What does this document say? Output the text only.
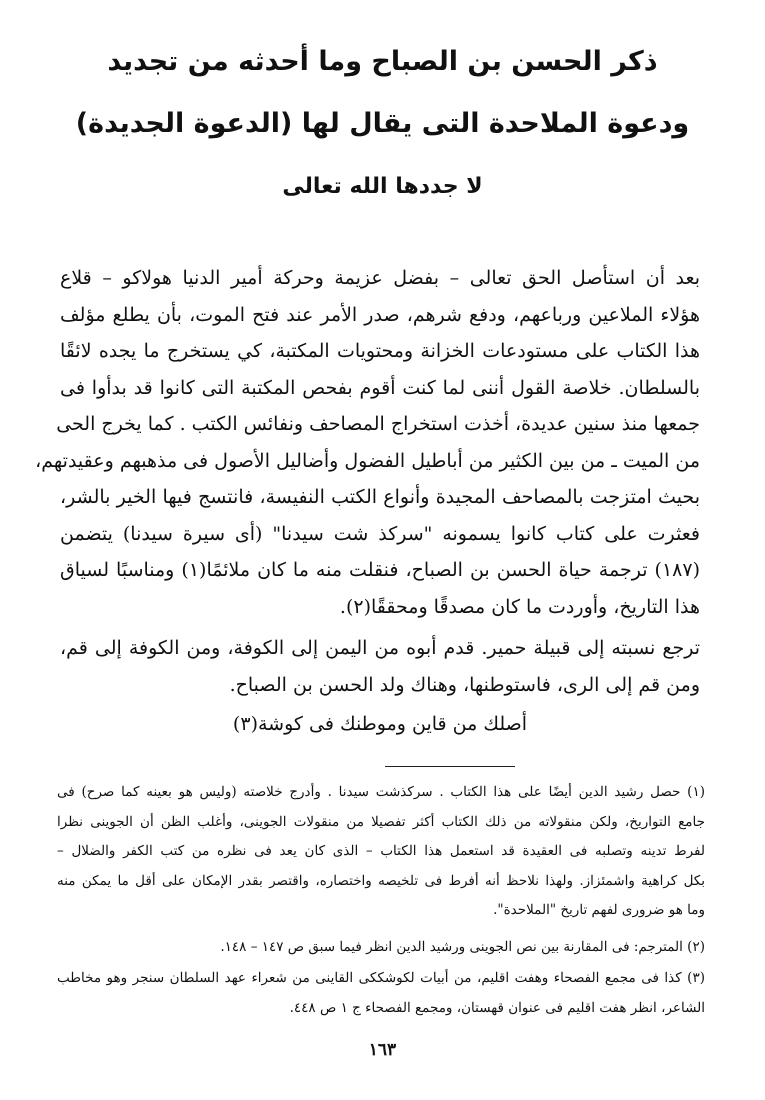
ذكر الحسن بن الصباح وما أحدثه من تجديد
ودعوة الملاحدة التى يقال لها (الدعوة الجديدة)
لا جددها الله تعالى
بعد أن استأصل الحق تعالى – بفضل عزيمة وحركة أمير الدنيا هولاكو – قلاع
هؤلاء الملاعين ورباعهم، ودفع شرهم، صدر الأمر عند فتح الموت، بأن يطلع مؤلف
هذا الكتاب على مستودعات الخزانة ومحتويات المكتبة، كي يستخرج ما يجده لائقًا
بالسلطان. خلاصة القول أننى لما كنت أقوم بفحص المكتبة التى كانوا قد بدأوا فى
جمعها منذ سنين عديدة، أخذت استخراج المصاحف ونفائس الكتب . كما يخرج الحى
من الميت ـ من بين الكثير من أباطيل الفضول وأضاليل الأصول فى مذهبهم وعقيدتهم،
بحيث امتزجت بالمصاحف المجيدة وأنواع الكتب النفيسة، فانتسج فيها الخير بالشر،
فعثرت على كتاب كانوا يسمونه "سركذ شت سيدنا" (أى سيرة سيدنا) يتضمن
(١٨٧) ترجمة حياة الحسن بن الصباح، فنقلت منه ما كان ملائمًا(١) ومناسبًا لسياق
هذا التاريخ، وأوردت ما كان مصدقًا ومحققًا(٢).
ترجع نسبته إلى قبيلة حمير. قدم أبوه من اليمن إلى الكوفة، ومن الكوفة إلى قم،
ومن قم إلى الرى، فاستوطنها، وهناك ولد الحسن بن الصباح.
أصلك من قاين وموطنك فى كوشة(٣)
(١) حصل رشيد الدين أيضًا على هذا الكتاب . سركذشت سيدنا . وأدرج خلاصته (وليس هو بعينه كما صرح) فى
جامع التواريخ، ولكن منقولاته من ذلك الكتاب أكثر تفصيلا من منقولات الجوينى، وأغلب الظن أن الجوينى نظرا
لفرط تدينه وتصلبه فى العقيدة قد استعمل هذا الكتاب – الذى كان يعد فى نظره من كتب الكفر والضلال –
بكل كراهية واشمئزاز. ولهذا نلاحظ أنه أفرط فى تلخيصه واختصاره، واقتصر بقدر الإمكان على أقل ما يمكن منه
وما هو ضرورى لفهم تاريخ "الملاحدة".
(٢) المترجم: فى المقارنة بين نص الجوينى ورشيد الدين انظر فيما سبق ص ١٤٧ – ١٤٨.
(٣) كذا فى مجمع الفصحاء وهفت اقليم، من أبيات لكوشككى القاينى من شعراء عهد السلطان سنجر وهو مخاطب
الشاعر، انظر هفت اقليم فى عنوان قهستان، ومجمع الفصحاء ج ١ ص ٤٤٨.
١٦٣
